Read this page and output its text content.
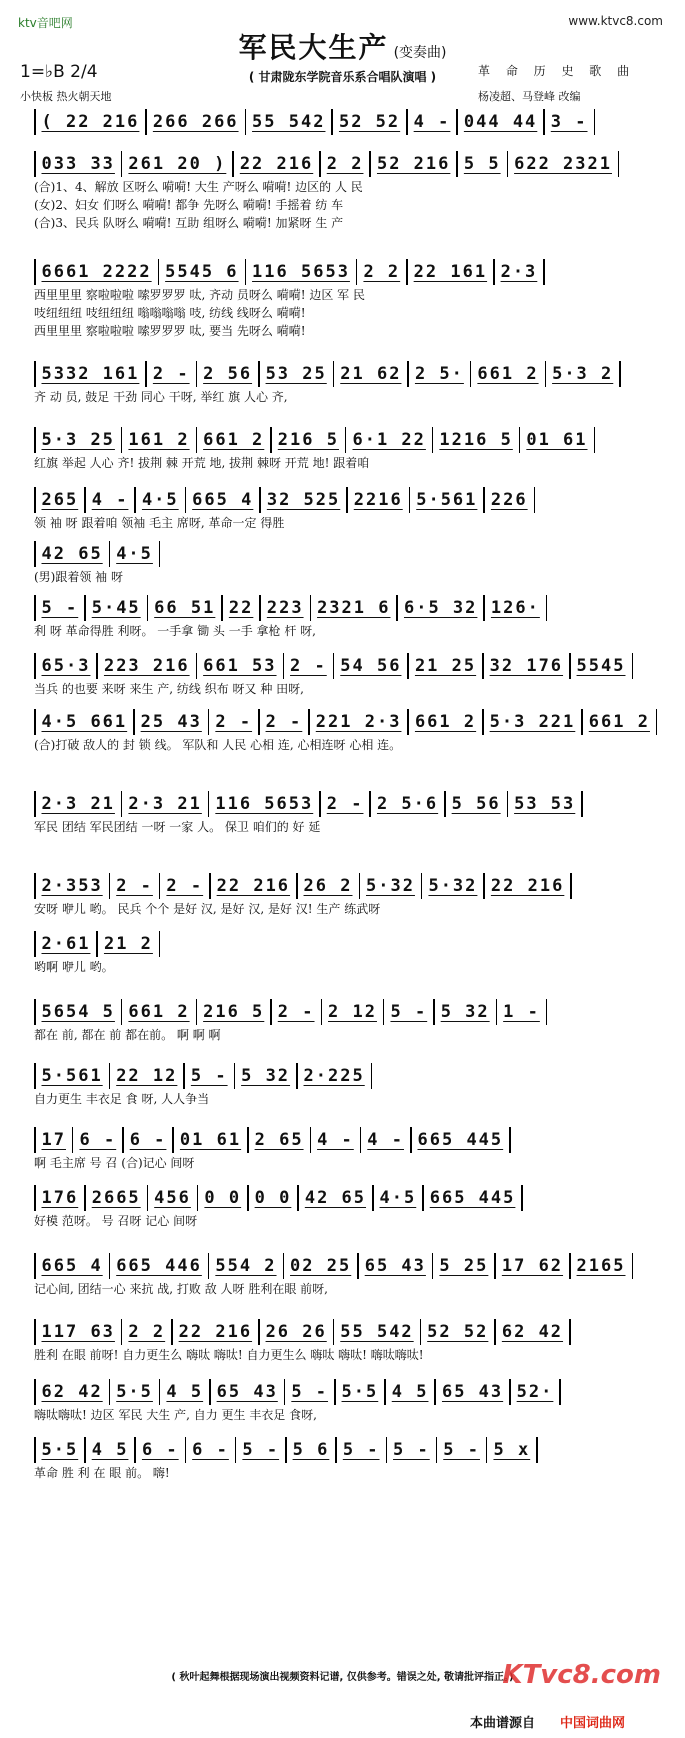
ktv音吧网	www.ktvc8.com
军民大生产 (变奏曲)
( 甘肃陇东学院音乐系合唱队演唱 )
1=♭B 2/4
小快板 热火朝天地
革 命 历 史 歌 曲
杨凌超、马登峰 改编
( 22 216 266 266 55 542 52 52 4 - 044 44 3 -
033 33 261 20 ) 22 216 2 2 52 216 5 5 622 2321
(合)1、4、解放 区呀么 嗬嗬! 大生 产呀么 嗬嗬! 边区的 人 民
(女)2、妇女 们呀么 嗬嗬! 都争 先呀么 嗬嗬! 手摇着 纺 车
(合)3、民兵 队呀么 嗬嗬! 互助 组呀么 嗬嗬! 加紧呀 生 产
6661 2222 5545 6 116 5653 2 2 22 161 2·3
西里里里 察啦啦啦 嗦罗罗罗 呔, 齐动 员呀么 嗬嗬! 边区 军 民
吱纽纽纽 吱纽纽纽 嗡嗡嗡嗡 吱, 纺线 线呀么 嗬嗬!
西里里里 察啦啦啦 嗦罗罗罗 呔, 要当 先呀么 嗬嗬!
5332 161 2 - 2 56 53 25 21 62 2 5· 661 2 5·3 2
齐 动 员, 鼓足 干劲 同心 干呀, 举红 旗 人心 齐,
5·3 25 161 2 661 2 216 5 6·1 22 1216 5 01 61
红旗 举起 人心 齐! 拔荆 棘 开荒 地, 拔荆 棘呀 开荒 地! 跟着咱
265 4 - 4·5 665 4 32 525 2216 5·561 226
领 袖 呀 跟着咱 领袖 毛主 席呀, 革命一定 得胜
42 65 4·5
(男)跟着领 袖 呀
5 - 5·45 66 51 22 223 2321 6 6·5 32 126·
利 呀 革命得胜 利呀。 一手拿 锄 头 一手 拿枪 杆 呀,
65·3 223 216 661 53 2 - 54 56 21 25 32 176 5545
当兵 的也要 来呀 来生 产, 纺线 织布 呀又 种 田呀,
4·5 661 25 43 2 - 2 - 221 2·3 661 2 5·3 221 661 2
(合)打破 敌人的 封 锁 线。 军队和 人民 心相 连, 心相连呀 心相 连。
2·3 21 2·3 21 116 5653 2 - 2 5·6 5 56 53 53
军民 团结 军民团结 一呀 一家 人。 保卫 咱们的 好 延
2·353 2 - 2 - 22 216 26 2 5·32 5·32 22 216
安呀 咿儿 哟。 民兵 个个 是好 汉, 是好 汉, 是好 汉! 生产 练武呀
2·61 21 2
哟啊 咿儿 哟。
5654 5 661 2 216 5 2 - 2 12 5 - 5 32 1 -
都在 前, 都在 前 都在前。 啊 啊 啊
5·561 22 12 5 - 5 32 2·225
自力更生 丰衣足 食 呀, 人人争当
17 6 - 6 - 01 61 2 65 4 - 4 - 665 445
啊 毛主席 号 召 (合)记心 间呀
176 2665 456 0 0 0 0 42 65 4·5 665 445
好模 范呀。 号 召呀 记心 间呀
665 4 665 446 554 2 02 25 65 43 5 25 17 62 2165
记心间, 团结一心 来抗 战, 打败 敌 人呀 胜利在眼 前呀,
117 63 2 2 22 216 26 26 55 542 52 52 62 42
胜利 在眼 前呀! 自力更生么 嗨呔 嗨呔! 自力更生么 嗨呔 嗨呔! 嗨呔嗨呔!
62 42 5·5 4 5 65 43 5 - 5·5 4 5 65 43 52·
嗨呔嗨呔! 边区 军民 大生 产, 自力 更生 丰衣足 食呀,
5·5 4 5 6 - 6 - 5 - 5 6 5 - 5 - 5 - 5 x
革命 胜 利 在 眼 前。 嗨!
( 秋叶起舞根据现场演出视频资料记谱, 仅供参考。错误之处, 敬请批评指正。)
KTvc8.com
本曲谱源自 中国词曲网
